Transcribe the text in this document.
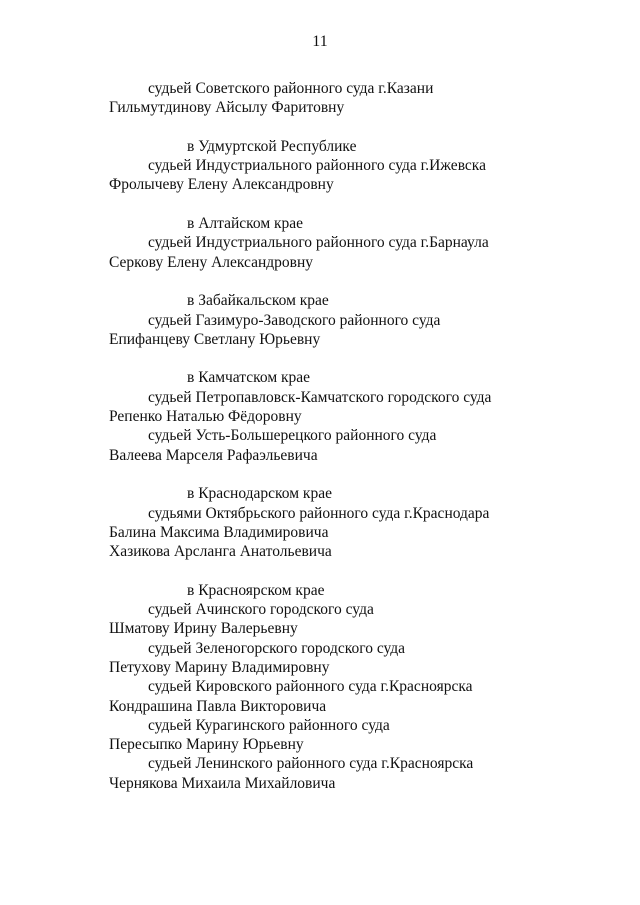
11
судьей Советского районного суда г.Казани
Гильмутдинову Айсылу Фаритовну
в Удмуртской Республике
судьей Индустриального районного суда г.Ижевска
Фролычеву Елену Александровну
в Алтайском крае
судьей Индустриального районного суда г.Барнаула
Серкову Елену Александровну
в Забайкальском крае
судьей Газимуро-Заводского районного суда
Епифанцеву Светлану Юрьевну
в Камчатском крае
судьей Петропавловск-Камчатского городского суда
Репенко Наталью Фёдоровну
судьей Усть-Большерецкого районного суда
Валеева Марселя Рафаэльевича
в Краснодарском крае
судьями Октябрьского районного суда г.Краснодара
Балина Максима Владимировича
Хазикова Арсланга Анатольевича
в Красноярском крае
судьей Ачинского городского суда
Шматову Ирину Валерьевну
судьей Зеленогорского городского суда
Петухову Марину Владимировну
судьей Кировского районного суда г.Красноярска
Кондрашина Павла Викторовича
судьей Курагинского районного суда
Пересыпко Марину Юрьевну
судьей Ленинского районного суда г.Красноярска
Чернякова Михаила Михайловича
